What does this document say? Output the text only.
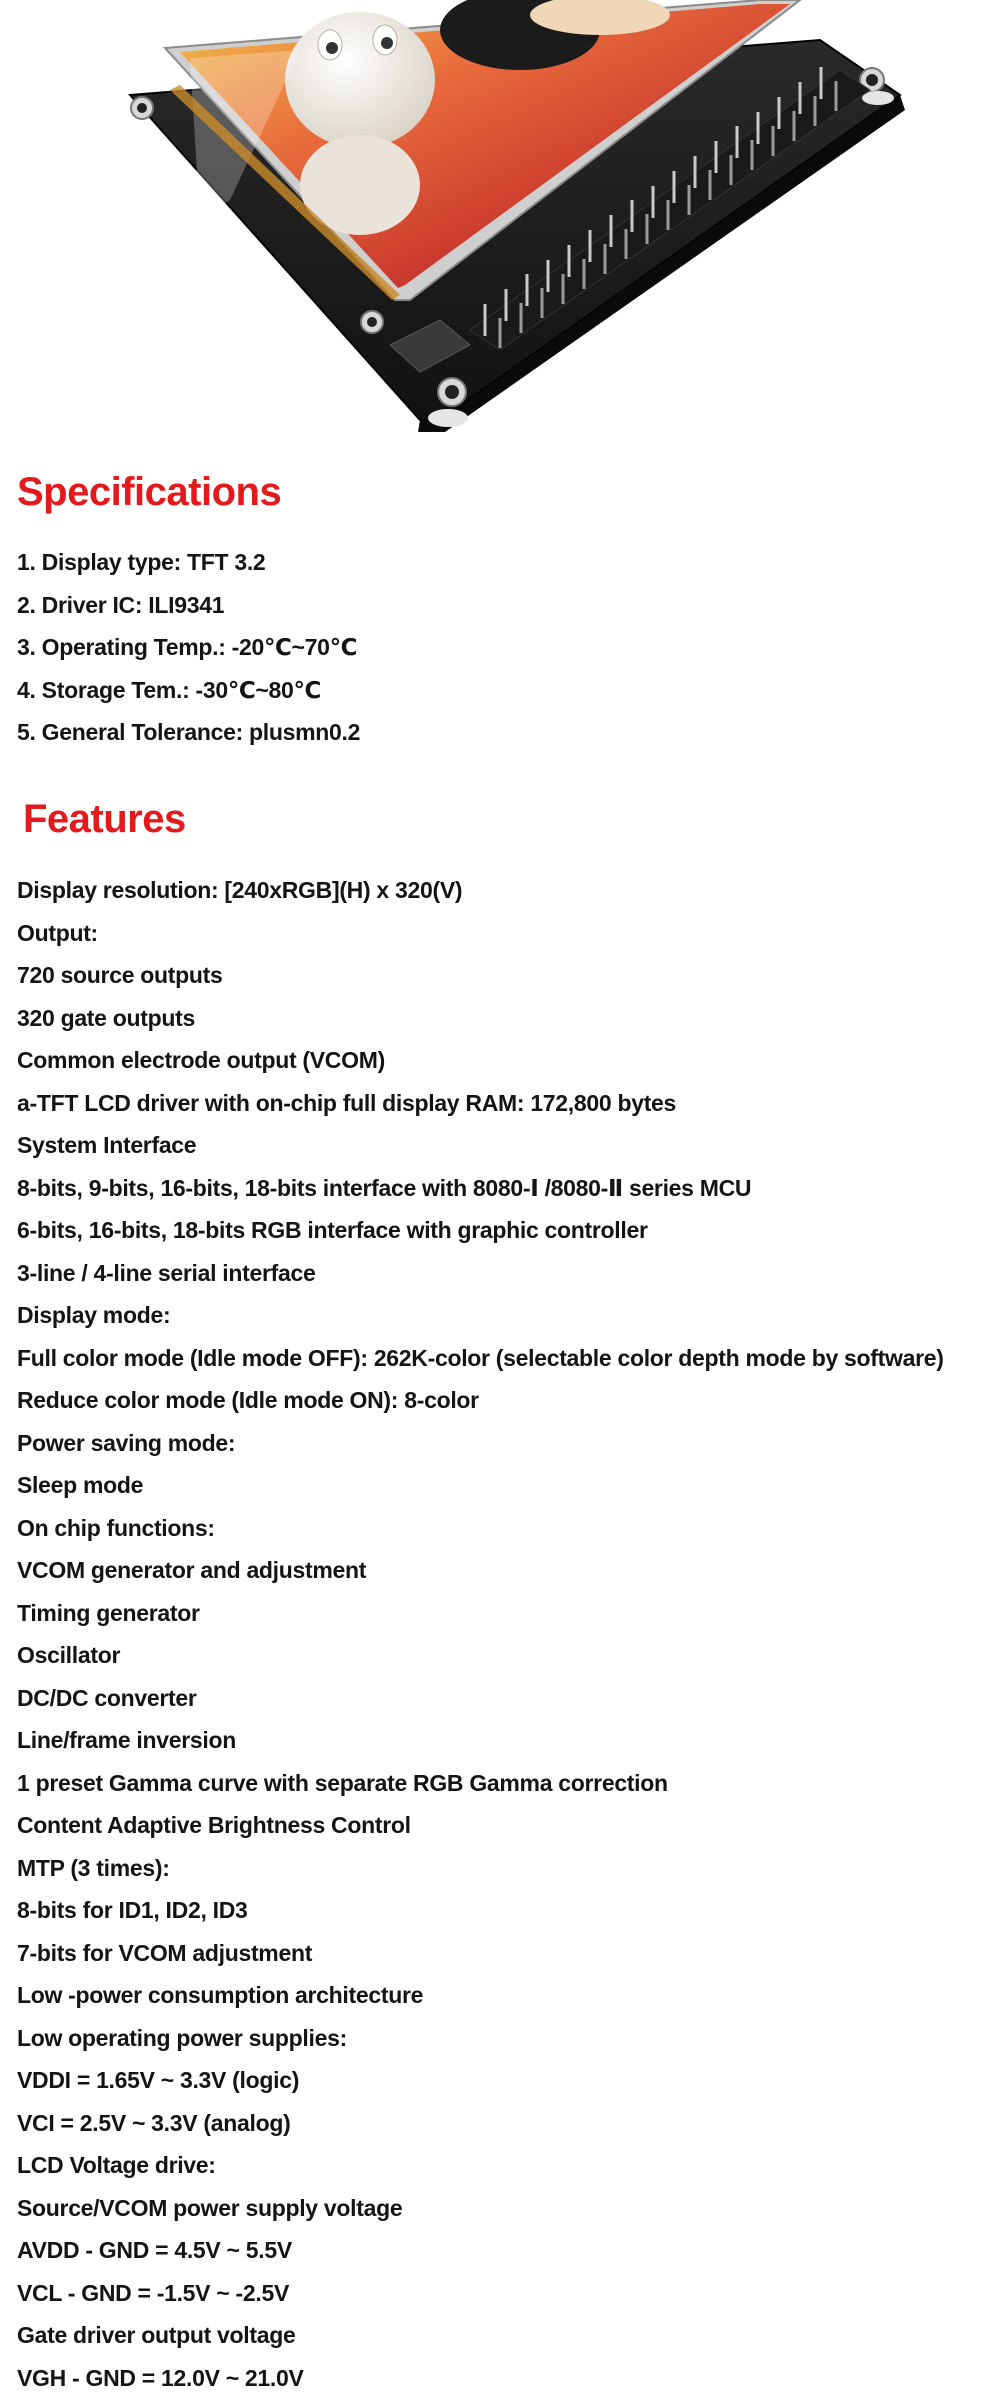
Specifications
1. Display type: TFT 3.2
2. Driver IC: ILI9341
3. Operating Temp.: -20℃~70℃
4. Storage Tem.: -30℃~80℃
5. General Tolerance: plusmn0.2
Features
Display resolution: [240xRGB](H) x 320(V)
Output:
720 source outputs
320 gate outputs
Common electrode output (VCOM)
a-TFT LCD driver with on-chip full display RAM: 172,800 bytes
System Interface
8-bits, 9-bits, 16-bits, 18-bits interface with 8080-Ⅰ /8080-Ⅱ series MCU
6-bits, 16-bits, 18-bits RGB interface with graphic controller
3-line / 4-line serial interface
Display mode:
Full color mode (Idle mode OFF): 262K-color (selectable color depth mode by software)
Reduce color mode (Idle mode ON): 8-color
Power saving mode:
Sleep mode
On chip functions:
VCOM generator and adjustment
Timing generator
Oscillator
DC/DC converter
Line/frame inversion
1 preset Gamma curve with separate RGB Gamma correction
Content Adaptive Brightness Control
MTP (3 times):
8-bits for ID1, ID2, ID3
7-bits for VCOM adjustment
Low -power consumption architecture
Low operating power supplies:
VDDI = 1.65V ~ 3.3V (logic)
VCI = 2.5V ~ 3.3V (analog)
LCD Voltage drive:
Source/VCOM power supply voltage
AVDD - GND = 4.5V ~ 5.5V
VCL - GND = -1.5V ~ -2.5V
Gate driver output voltage
VGH - GND = 12.0V ~ 21.0V
